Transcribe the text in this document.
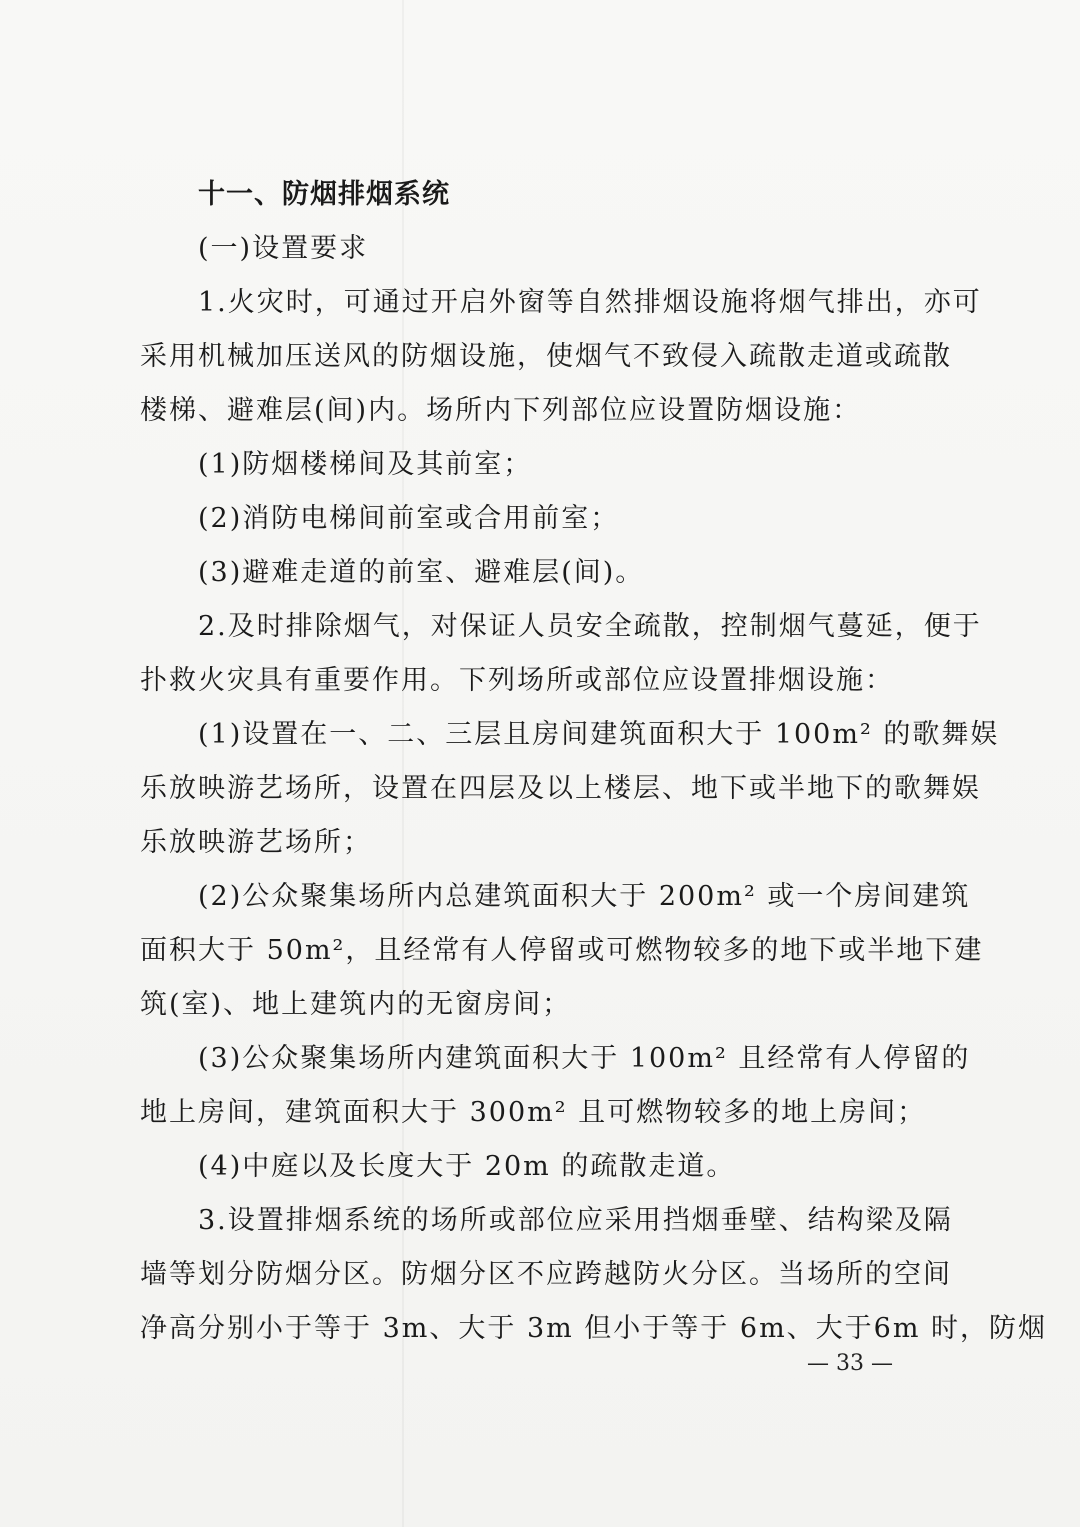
十一、防烟排烟系统
(一)设置要求
1.火灾时，可通过开启外窗等自然排烟设施将烟气排出，亦可
采用机械加压送风的防烟设施，使烟气不致侵入疏散走道或疏散
楼梯、避难层(间)内。场所内下列部位应设置防烟设施：
(1)防烟楼梯间及其前室；
(2)消防电梯间前室或合用前室；
(3)避难走道的前室、避难层(间)。
2.及时排除烟气，对保证人员安全疏散，控制烟气蔓延，便于
扑救火灾具有重要作用。下列场所或部位应设置排烟设施：
(1)设置在一、二、三层且房间建筑面积大于 100m² 的歌舞娱
乐放映游艺场所，设置在四层及以上楼层、地下或半地下的歌舞娱
乐放映游艺场所；
(2)公众聚集场所内总建筑面积大于 200m² 或一个房间建筑
面积大于 50m²，且经常有人停留或可燃物较多的地下或半地下建
筑(室)、地上建筑内的无窗房间；
(3)公众聚集场所内建筑面积大于 100m² 且经常有人停留的
地上房间，建筑面积大于 300m² 且可燃物较多的地上房间；
(4)中庭以及长度大于 20m 的疏散走道。
3.设置排烟系统的场所或部位应采用挡烟垂壁、结构梁及隔
墙等划分防烟分区。防烟分区不应跨越防火分区。当场所的空间
净高分别小于等于 3m、大于 3m 但小于等于 6m、大于6m 时，防烟
— 33 —
